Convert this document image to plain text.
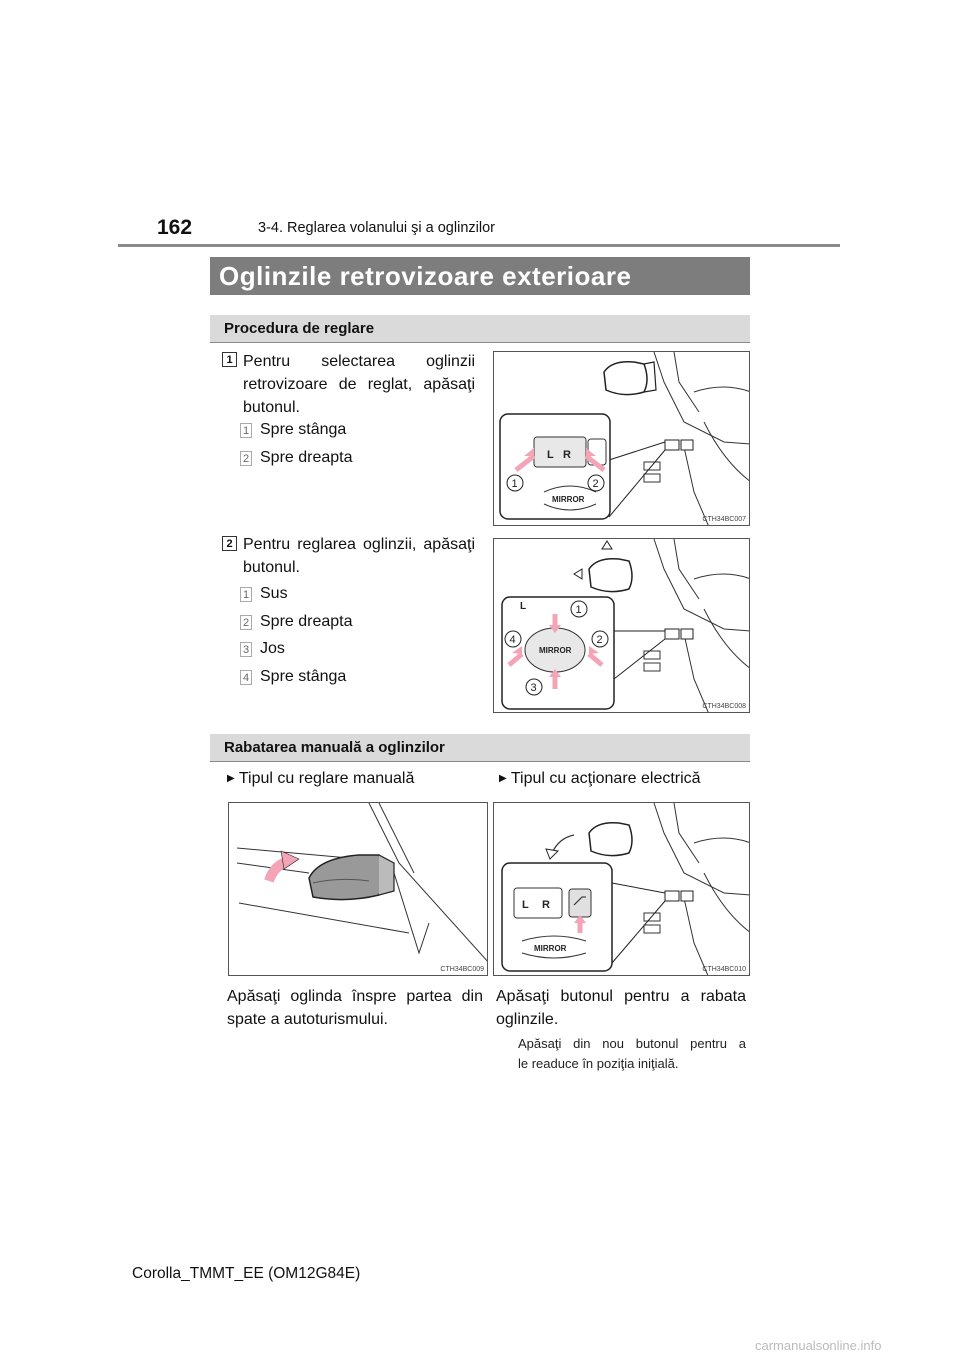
162	3-4. Reglarea volanului şi a oglinzilor
Oglinzile retrovizoare exterioare
Procedura de reglare
1 Pentru selectarea oglinzii
retrovizoare de reglat, apăsaţi
butonul.
1 Spre stânga
2 Spre dreapta	L R
MIRROR
1	2
CTH34BC007
2 Pentru reglarea oglinzii, apăsaţi
butonul.
1 Sus
2 Spre dreapta
3 Jos
4 Spre stânga
L
MIRROR
1
2
3
4
CTH34BC008
Rabatarea manuală a oglinzilor
▶ Tipul cu reglare manuală	▶ Tipul cu acţionare electrică
CTH34BC009
L R
MIRROR
CTH34BC010
Apăsaţi oglinda înspre partea din
spate a autoturismului.
Apăsaţi butonul pentru a rabata
oglinzile.
Apăsaţi din nou butonul pentru a
le readuce în poziţia iniţială.
Corolla_TMMT_EE (OM12G84E)
carmanualsonline.info
